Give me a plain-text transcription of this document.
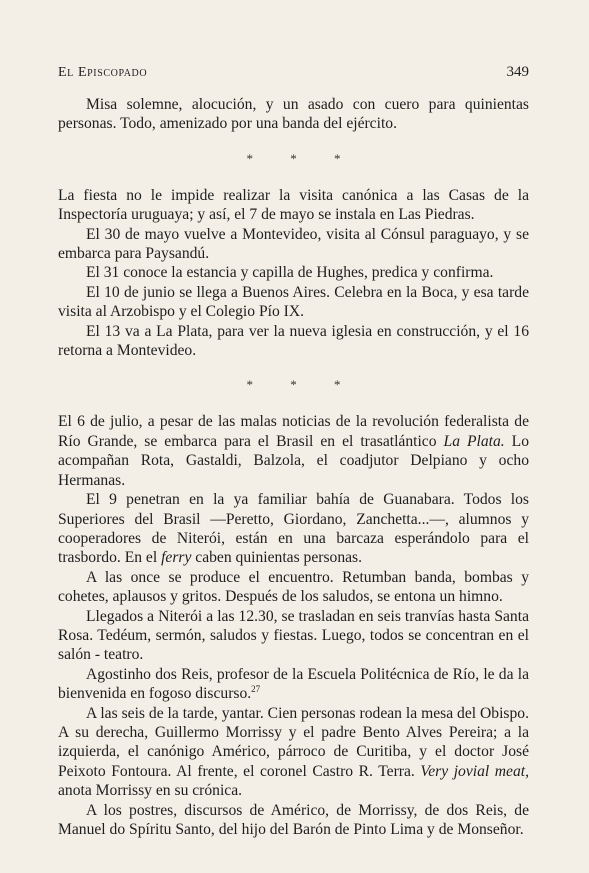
El Episcopado	349

Misa solemne, alocución, y un asado con cuero para quinientas personas. Todo, amenizado por una banda del ejército.

* * *

La fiesta no le impide realizar la visita canónica a las Casas de la Inspectoría uruguaya; y así, el 7 de mayo se instala en Las Piedras.

El 30 de mayo vuelve a Montevideo, visita al Cónsul paraguayo, y se embarca para Paysandú.

El 31 conoce la estancia y capilla de Hughes, predica y confirma.

El 10 de junio se llega a Buenos Aires. Celebra en la Boca, y esa tarde visita al Arzobispo y el Colegio Pío IX.

El 13 va a La Plata, para ver la nueva iglesia en construcción, y el 16 retorna a Montevideo.

* * *

El 6 de julio, a pesar de las malas noticias de la revolución federalista de Río Grande, se embarca para el Brasil en el trasatlántico La Plata. Lo acompañan Rota, Gastaldi, Balzola, el coadjutor Delpiano y ocho Hermanas.

El 9 penetran en la ya familiar bahía de Guanabara. Todos los Superiores del Brasil —Peretto, Giordano, Zanchetta...—, alumnos y cooperadores de Niterói, están en una barcaza esperándolo para el trasbordo. En el ferry caben quinientas personas.

A las once se produce el encuentro. Retumban banda, bombas y cohetes, aplausos y gritos. Después de los saludos, se entona un himno.

Llegados a Niterói a las 12.30, se trasladan en seis tranvías hasta Santa Rosa. Tedéum, sermón, saludos y fiestas. Luego, todos se concentran en el salón - teatro.

Agostinho dos Reis, profesor de la Escuela Politécnica de Río, le da la bienvenida en fogoso discurso.$^{27}$

A las seis de la tarde, yantar. Cien personas rodean la mesa del Obispo. A su derecha, Guillermo Morrissy y el padre Bento Alves Pereira; a la izquierda, el canónigo Américo, párroco de Curitiba, y el doctor José Peixoto Fontoura. Al frente, el coronel Castro R. Terra. Very jovial meat, anota Morrissy en su crónica.

A los postres, discursos de Américo, de Morrissy, de dos Reis, de Manuel do Spíritu Santo, del hijo del Barón de Pinto Lima y de Monseñor.
